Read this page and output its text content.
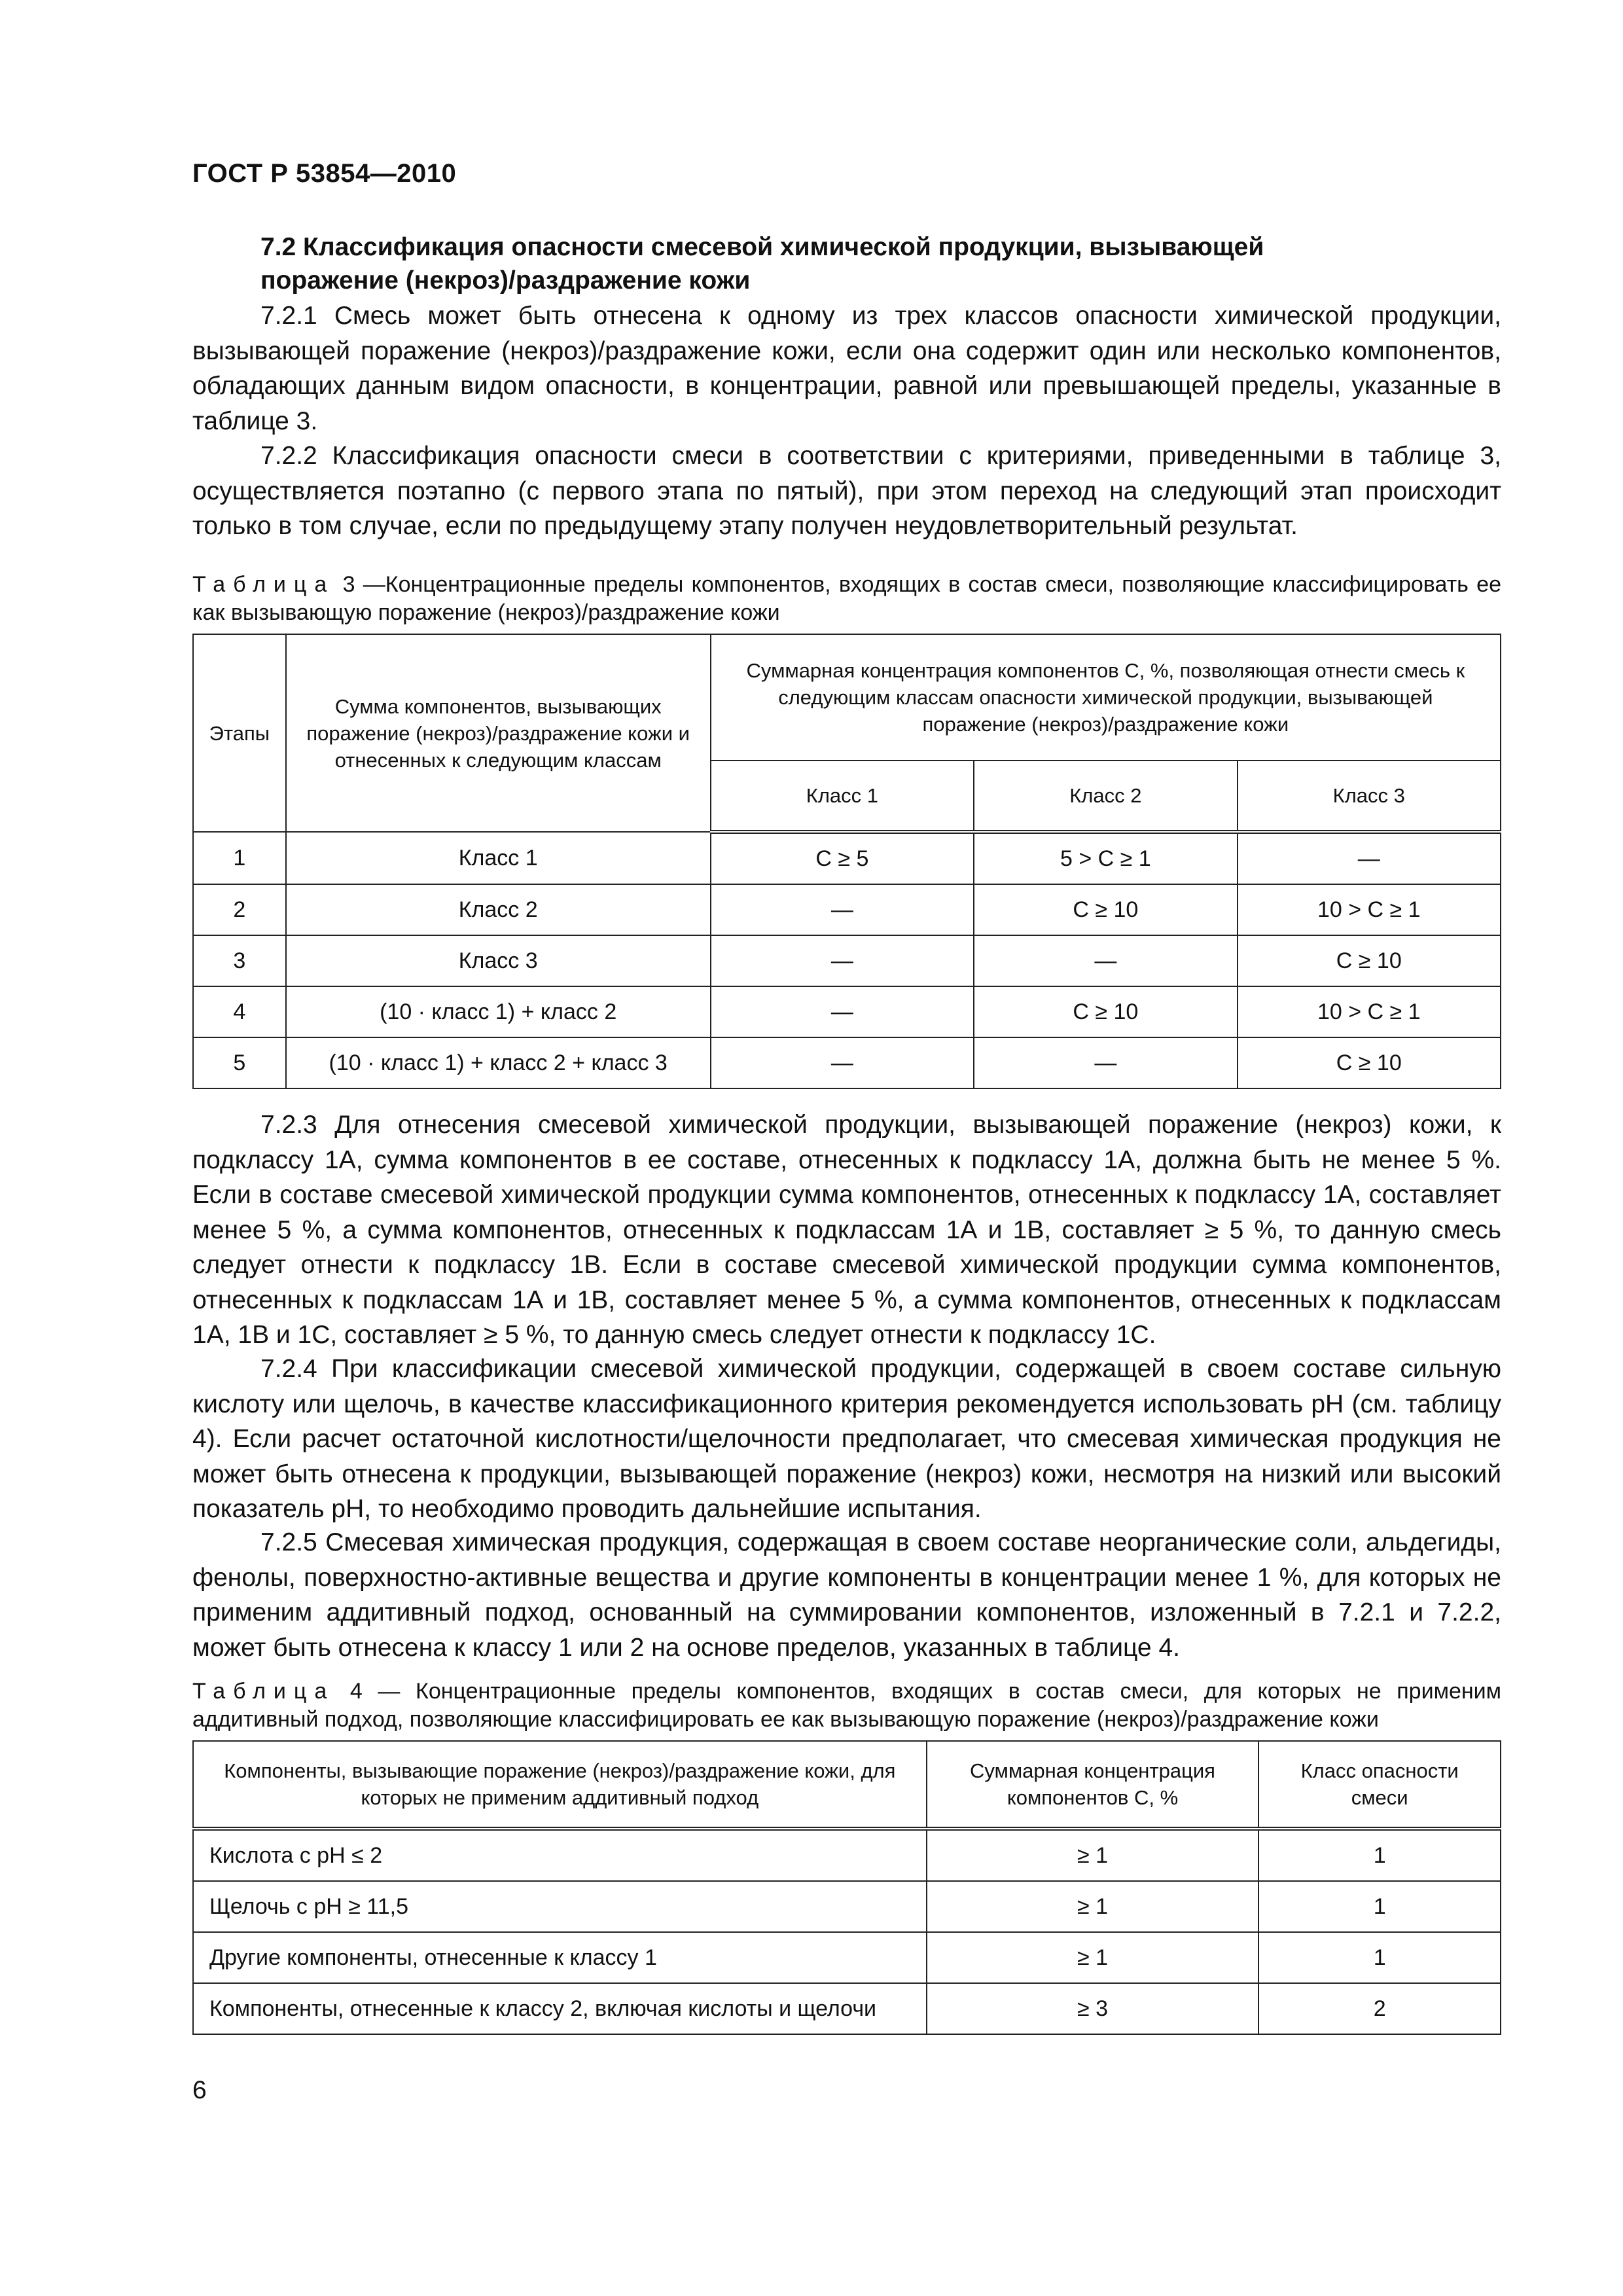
ГОСТ Р 53854—2010
7.2 Классификация опасности смесевой химической продукции, вызывающей
поражение (некроз)/раздражение кожи

7.2.1 Смесь может быть отнесена к одному из трех классов опасности химической продукции, вызывающей поражение (некроз)/раздражение кожи, если она содержит один или несколько компонентов, обладающих данным видом опасности, в концентрации, равной или превышающей пределы, указанные в таблице 3.

7.2.2 Классификация опасности смеси в соответствии с критериями, приведенными в таблице 3, осуществляется поэтапно (с первого этапа по пятый), при этом переход на следующий этап происходит только в том случае, если по предыдущему этапу получен неудовлетворительный результат.

Таблица 3 —Концентрационные пределы компонентов, входящих в состав смеси, позволяющие классифицировать ее как вызывающую поражение (некроз)/раздражение кожи

Этапы	Сумма компонентов, вызывающих поражение (некроз)/раздражение кожи и отнесенных к следующим классам	Суммарная концентрация компонентов С, %, позволяющая отнести смесь к следующим классам опасности химической продукции, вызывающей поражение (некроз)/раздражение кожи		
		Класс 1	Класс 2	Класс 3
1	Класс 1	C ≥ 5	5 > C ≥ 1	—
2	Класс 2	—	C ≥ 10	10 > C ≥ 1
3	Класс 3	—	—	C ≥ 10
4	(10 · класс 1) + класс 2	—	C ≥ 10	10 > C ≥ 1
5	(10 · класс 1) + класс 2 + класс 3	—	—	C ≥ 10

7.2.3 Для отнесения смесевой химической продукции, вызывающей поражение (некроз) кожи, к подклассу 1А, сумма компонентов в ее составе, отнесенных к подклассу 1А, должна быть не менее 5 %. Если в составе смесевой химической продукции сумма компонентов, отнесенных к подклассу 1А, составляет менее 5 %, а сумма компонентов, отнесенных к подклассам 1А и 1В, составляет ≥ 5 %, то данную смесь следует отнести к подклассу 1В. Если в составе смесевой химической продукции сумма компонентов, отнесенных к подклассам 1А и 1В, составляет менее 5 %, а сумма компонентов, отнесенных к подклассам 1А, 1В и 1С, составляет ≥ 5 %, то данную смесь следует отнести к подклассу 1С.

7.2.4 При классификации смесевой химической продукции, содержащей в своем составе сильную кислоту или щелочь, в качестве классификационного критерия рекомендуется использовать рН (см. таблицу 4). Если расчет остаточной кислотности/щелочности предполагает, что смесевая химическая продукция не может быть отнесена к продукции, вызывающей поражение (некроз) кожи, несмотря на низкий или высокий показатель рН, то необходимо проводить дальнейшие испытания.

7.2.5 Смесевая химическая продукция, содержащая в своем составе неорганические соли, альдегиды, фенолы, поверхностно-активные вещества и другие компоненты в концентрации менее 1 %, для которых не применим аддитивный подход, основанный на суммировании компонентов, изложенный в 7.2.1 и 7.2.2, может быть отнесена к классу 1 или 2 на основе пределов, указанных в таблице 4.

Таблица 4 — Концентрационные пределы компонентов, входящих в состав смеси, для которых не применим аддитивный подход, позволяющие классифицировать ее как вызывающую поражение (некроз)/раздражение кожи

Компоненты, вызывающие поражение (некроз)/раздражение кожи, для которых не применим аддитивный подход	Суммарная концентрация компонентов С, %	Класс опасности смеси
Кислота с рН ≤ 2	≥ 1	1
Щелочь с рН ≥ 11,5	≥ 1	1
Другие компоненты, отнесенные к классу 1	≥ 1	1
Компоненты, отнесенные к классу 2, включая кислоты и щелочи	≥ 3	2
6
